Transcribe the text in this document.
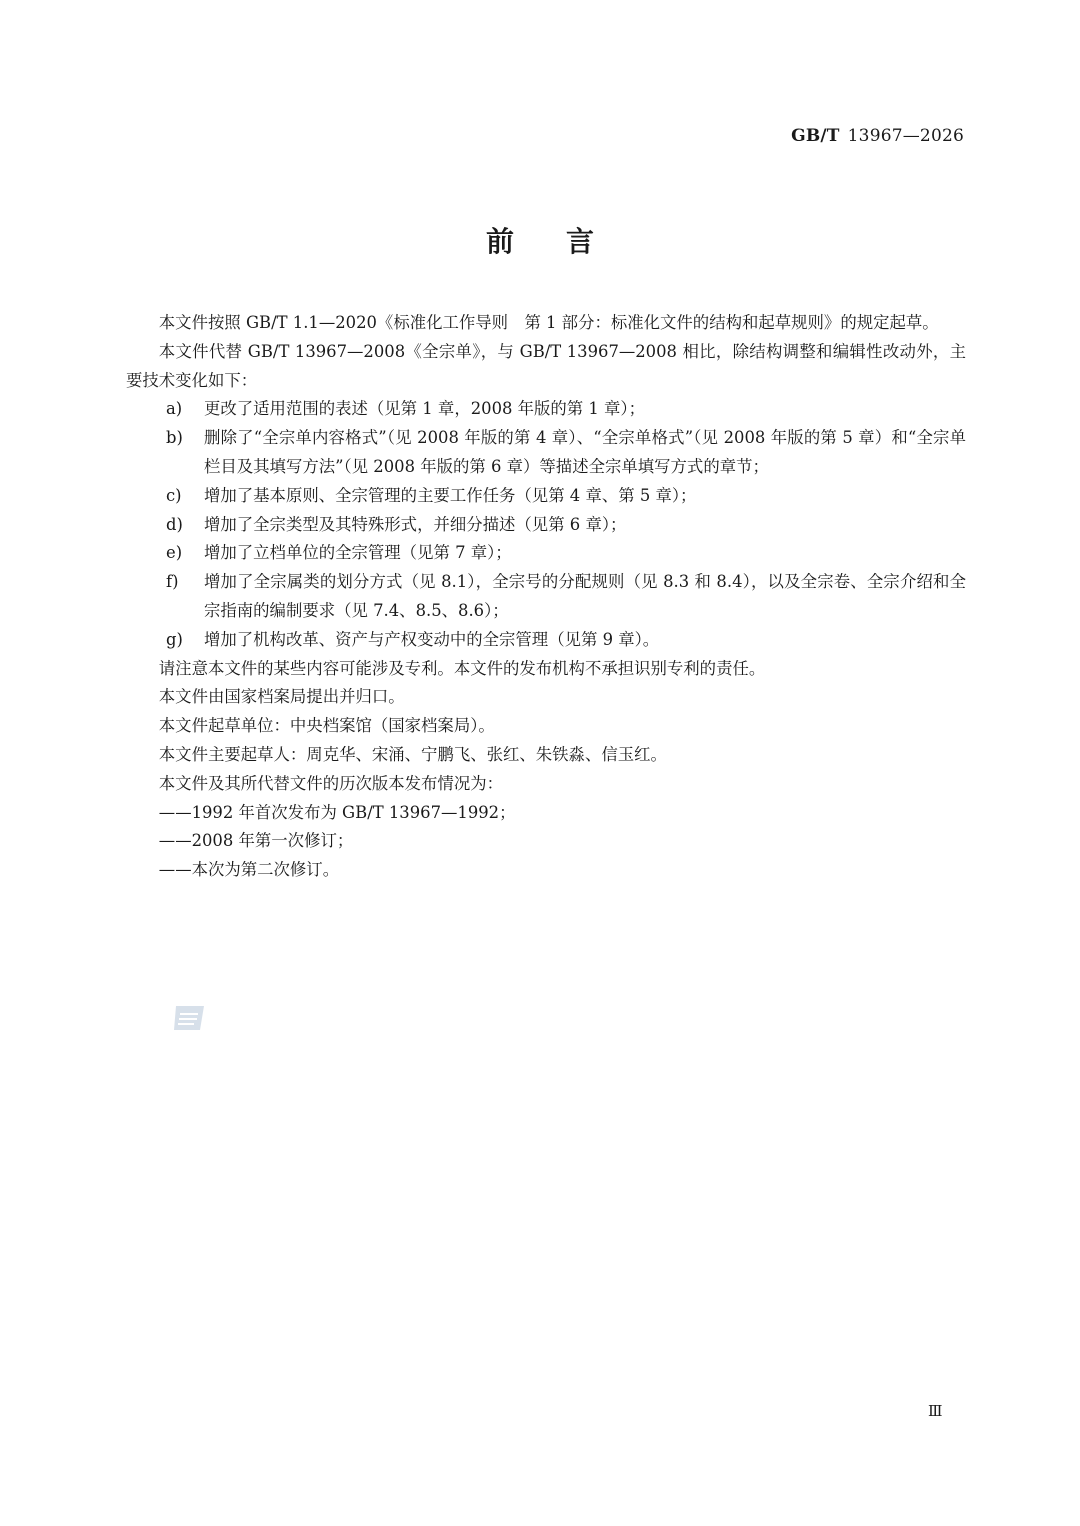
GB/T 13967—2026
前言

本文件按照 GB/T 1.1—2020《标准化工作导则　第 1 部分：标准化文件的结构和起草规则》的规定起草。

本文件代替 GB/T 13967—2008《全宗单》，与 GB/T 13967—2008 相比，除结构调整和编辑性改动外，主要技术变化如下：

a) 更改了适用范围的表述（见第 1 章，2008 年版的第 1 章）；
b) 删除了“全宗单内容格式”（见 2008 年版的第 4 章）、“全宗单格式”（见 2008 年版的第 5 章）和“全宗单栏目及其填写方法”（见 2008 年版的第 6 章）等描述全宗单填写方式的章节；
c) 增加了基本原则、全宗管理的主要工作任务（见第 4 章、第 5 章）；
d) 增加了全宗类型及其特殊形式，并细分描述（见第 6 章）；
e) 增加了立档单位的全宗管理（见第 7 章）；
f) 增加了全宗属类的划分方式（见 8.1），全宗号的分配规则（见 8.3 和 8.4），以及全宗卷、全宗介绍和全宗指南的编制要求（见 7.4、8.5、8.6）；
g) 增加了机构改革、资产与产权变动中的全宗管理（见第 9 章）。

请注意本文件的某些内容可能涉及专利。本文件的发布机构不承担识别专利的责任。

本文件由国家档案局提出并归口。

本文件起草单位：中央档案馆（国家档案局）。

本文件主要起草人：周克华、宋涌、宁鹏飞、张红、朱铁淼、信玉红。

本文件及其所代替文件的历次版本发布情况为：

——1992 年首次发布为 GB/T 13967—1992；
——2008 年第一次修订；
——本次为第二次修订。
Ⅲ
